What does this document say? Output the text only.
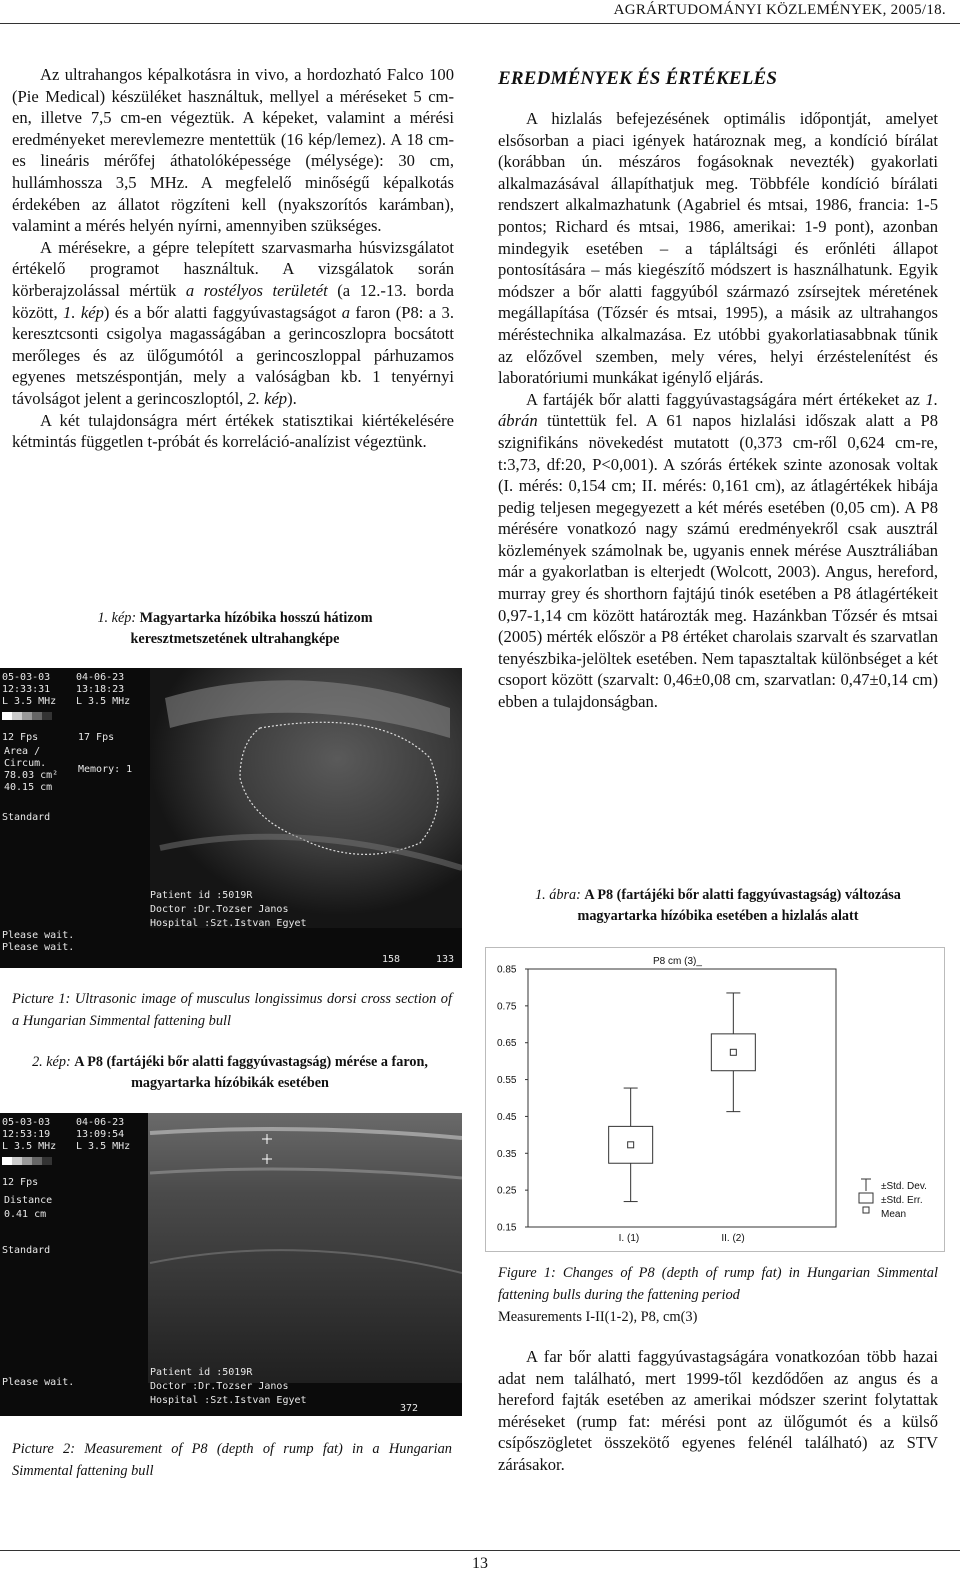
AGRÁRTUDOMÁNYI KÖZLEMÉNYEK, 2005/18.

Az ultrahangos képalkotásra in vivo, a hordozható Falco 100 (Pie Medical) készüléket használtuk, mellyel a méréseket 5 cm-en, illetve 7,5 cm-en végeztük. A képeket, valamint a mérési eredményeket merevlemezre mentettük (16 kép/lemez). A 18 cm-es lineáris mérőfej áthatolóképessége (mélysége): 30 cm, hullámhossza 3,5 MHz. A megfelelő minőségű képalkotás érdekében az állatot rögzíteni kell (nyakszorítós karámban), valamint a mérés helyén nyírni, amennyiben szükséges.

A mérésekre, a gépre telepített szarvasmarha húsvizsgálatot értékelő programot használtuk. A vizsgálatok során körberajzolással mértük a rostélyos területét (a 12.-13. borda között, 1. kép) és a bőr alatti faggyúvastagságot a faron (P8: a 3. keresztcsonti csigolya magasságában a gerincoszlopra bocsátott merőleges és az ülőgumótól a gerincoszloppal párhuzamos egyenes metszéspontján, mely a valóságban kb. 1 tenyérnyi távolságot jelent a gerincoszloptól, 2. kép).

A két tulajdonságra mért értékek statisztikai kiértékelésére kétmintás független t-próbát és korreláció-analízist végeztünk.

1. kép: Magyartarka hízóbika hosszú hátizom keresztmetszetének ultrahangképe
05-03-03	04-06-23
12:33:31	13:18:23
L 3.5 MHz L 3.5 MHz
12 Fps	17 Fps
Area /
Circum.
Memory: 1
78.03 cm²
40.15 cm
Standard
Patient id :5019R
Doctor :Dr.Tozser Janos
Hospital :Szt.Istvan Egyet
Please wait.
Please wait.
158	133
Picture 1: Ultrasonic image of musculus longissimus dorsi cross section of a Hungarian Simmental fattening bull
2. kép: A P8 (fartájéki bőr alatti faggyúvastagság) mérése a faron, magyartarka hízóbikák esetében
05-03-03	04-06-23
12:53:19	13:09:54
L 3.5 MHz L 3.5 MHz
12 Fps
Distance
0.41 cm
Standard
Please wait.
Patient id :5019R
Doctor :Dr.Tozser Janos
Hospital :Szt.Istvan Egyet
372
Picture 2: Measurement of P8 (depth of rump fat) in a Hungarian Simmental fattening bull
EREDMÉNYEK ÉS ÉRTÉKELÉS

A hizlalás befejezésének optimális időpontját, amelyet elsősorban a piaci igények határoznak meg, a kondíció bírálat (korábban ún. mészáros fogásoknak nevezték) gyakorlati alkalmazásával állapíthatjuk meg. Többféle kondíció bírálati rendszert alkalmazhatunk (Agabriel és mtsai, 1986, francia: 1-5 pontos; Richard és mtsai, 1986, amerikai: 1-9 pont), azonban mindegyik esetében – a tápláltsági és erőnléti állapot pontosítására – más kiegészítő módszert is használhatunk. Egyik módszer a bőr alatti faggyúból származó zsírsejtek méretének megállapítása (Tőzsér és mtsai, 1995), a másik az ultrahangos méréstechnika alkalmazása. Ez utóbbi gyakorlatiasabbnak tűnik az előzővel szemben, mely véres, helyi érzéstelenítést és laboratóriumi munkákat igénylő eljárás.

A fartájék bőr alatti faggyúvastagságára mért értékeket az 1. ábrán tüntettük fel. A 61 napos hizlalási időszak alatt a P8 szignifikáns növekedést mutatott (0,373 cm-ről 0,624 cm-re, t:3,73, df:20, P<0,001). A szórás értékek szinte azonosak voltak (I. mérés: 0,154 cm; II. mérés: 0,161 cm), az átlagértékek hibája pedig teljesen megegyezett a két mérés esetében (0,05 cm). A P8 mérésére vonatkozó nagy számú eredményekről csak ausztrál közlemények számolnak be, ugyanis ennek mérése Ausztráliában már a gyakorlatban is elterjedt (Wolcott, 2003). Angus, hereford, murray grey és shorthorn fajtájú tinók esetében a P8 átlagértékeit 0,97-1,14 cm között határozták meg. Hazánkban Tőzsér és mtsai (2005) mérték először a P8 értéket charolais szarvalt és szarvatlan tenyészbika-jelöltek esetében. Nem tapasztaltak különbséget a két csoport között (szarvalt: 0,46±0,08 cm, szarvatlan: 0,47±0,14 cm) ebben a tulajdonságban.

1. ábra: A P8 (fartájéki bőr alatti faggyúvastagság) változása magyartarka hízóbika esetében a hizlalás alatt
P8 cm (3)_
0.15
0.25
0.35
0.45
0.55
0.65
0.75
0.85
I. (1)	II. (2)
±Std. Dev.
±Std. Err.
Mean
Figure 1: Changes of P8 (depth of rump fat) in Hungarian Simmental fattening bulls during the fattening period
Measurements I-II(1-2), P8, cm(3)

A far bőr alatti faggyúvastagságára vonatkozóan több hazai adat nem található, mert 1999-től kezdődően az angus és a hereford fajták esetében az amerikai módszer szerint folytattak méréseket (rump fat: mérési pont az ülőgumót és a külső csípőszögletet összekötő egyenes felénél található) az STV zárásakor.

13
